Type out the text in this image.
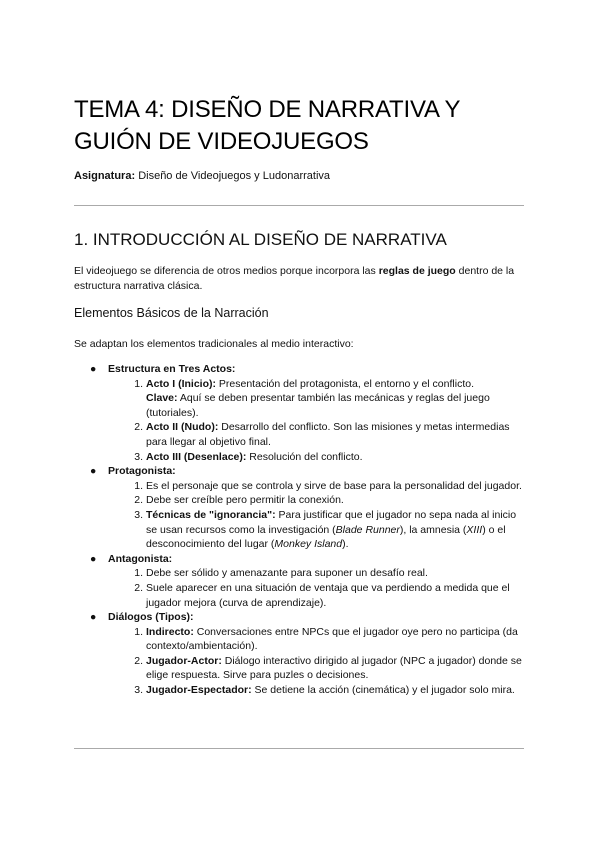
TEMA 4: DISEÑO DE NARRATIVA Y GUIÓN DE VIDEOJUEGOS
Asignatura: Diseño de Videojuegos y Ludonarrativa
1. INTRODUCCIÓN AL DISEÑO DE NARRATIVA
El videojuego se diferencia de otros medios porque incorpora las reglas de juego dentro de la estructura narrativa clásica.
Elementos Básicos de la Narración
Se adaptan los elementos tradicionales al medio interactivo:
● Estructura en Tres Actos:
1. Acto I (Inicio): Presentación del protagonista, el entorno y el conflicto.
Clave: Aquí se deben presentar también las mecánicas y reglas del juego (tutoriales).
2. Acto II (Nudo): Desarrollo del conflicto. Son las misiones y metas intermedias para llegar al objetivo final.
3. Acto III (Desenlace): Resolución del conflicto.
● Protagonista:
1. Es el personaje que se controla y sirve de base para la personalidad del jugador.
2. Debe ser creíble pero permitir la conexión.
3. Técnicas de "ignorancia": Para justificar que el jugador no sepa nada al inicio se usan recursos como la investigación (Blade Runner), la amnesia (XIII) o el desconocimiento del lugar (Monkey Island).
● Antagonista:
1. Debe ser sólido y amenazante para suponer un desafío real.
2. Suele aparecer en una situación de ventaja que va perdiendo a medida que el jugador mejora (curva de aprendizaje).
● Diálogos (Tipos):
1. Indirecto: Conversaciones entre NPCs que el jugador oye pero no participa (da contexto/ambientación).
2. Jugador-Actor: Diálogo interactivo dirigido al jugador (NPC a jugador) donde se elige respuesta. Sirve para puzles o decisiones.
3. Jugador-Espectador: Se detiene la acción (cinemática) y el jugador solo mira.
